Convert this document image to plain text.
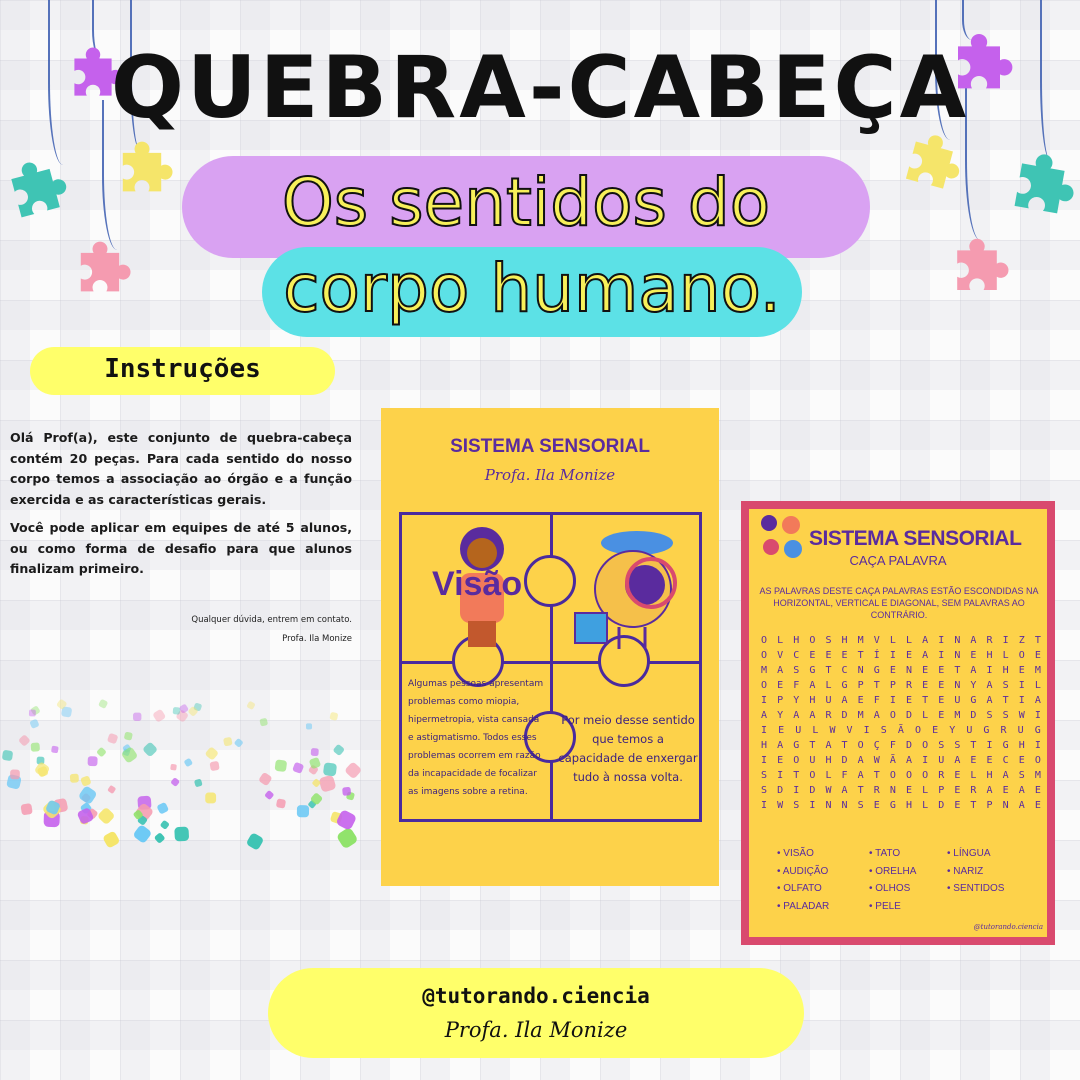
QUEBRA-CABEÇA
Os sentidos do
corpo humano.
Instruções
Olá Prof(a), este conjunto de quebra-cabeça contém 20 peças. Para cada sentido do nosso corpo temos a associação ao órgão e a função exercida e as características gerais.
Você pode aplicar em equipes de até 5 alunos, ou como forma de desafio para que alunos finalizam primeiro.
Qualquer dúvida, entrem em contato.
Profa. Ila Monize
SISTEMA SENSORIAL
Profa. Ila Monize
Visão
Algumas pessoas apresentam problemas como miopia, hipermetropia, vista cansada e astigmatismo. Todos esses problemas ocorrem em razão da incapacidade de focalizar as imagens sobre a retina.
Por meio desse sentido que temos a capacidade de enxergar tudo à nossa volta.
SISTEMA SENSORIAL
CAÇA PALAVRA
AS PALAVRAS DESTE CAÇA PALAVRAS ESTÃO ESCONDIDAS NA HORIZONTAL, VERTICAL E DIAGONAL, SEM PALAVRAS AO CONTRÁRIO.
O L H O S H M V L L A I N A R I Z T
O V C E E E T Í I E A I N E H L O E
M A S G T C N G E N E E T A I H E M
O E F A L G P T P R E E N Y A S I L
I P Y H U A E F I E T E U G A T I A
A Y A A R D M A O D L E M D S S W I
I E U L W V I S Ã O E Y U G R U G
H A G T A T O Ç F D O S S T I G H I
I E O U H D A W Ã A I U A E E C E O
S I T O L F A T O O O R E L H A S M
S D I D W A T R N E L P E R A E A E
I W S I N N S E G H L D E T P N A E
• VISÃO
• AUDIÇÃO
• OLFATO
• PALADAR
• TATO
• ORELHA
• OLHOS
• PELE
• LÍNGUA
• NARIZ
• SENTIDOS
@tutorando.ciencia
@tutorando.ciencia
Profa. Ila Monize
